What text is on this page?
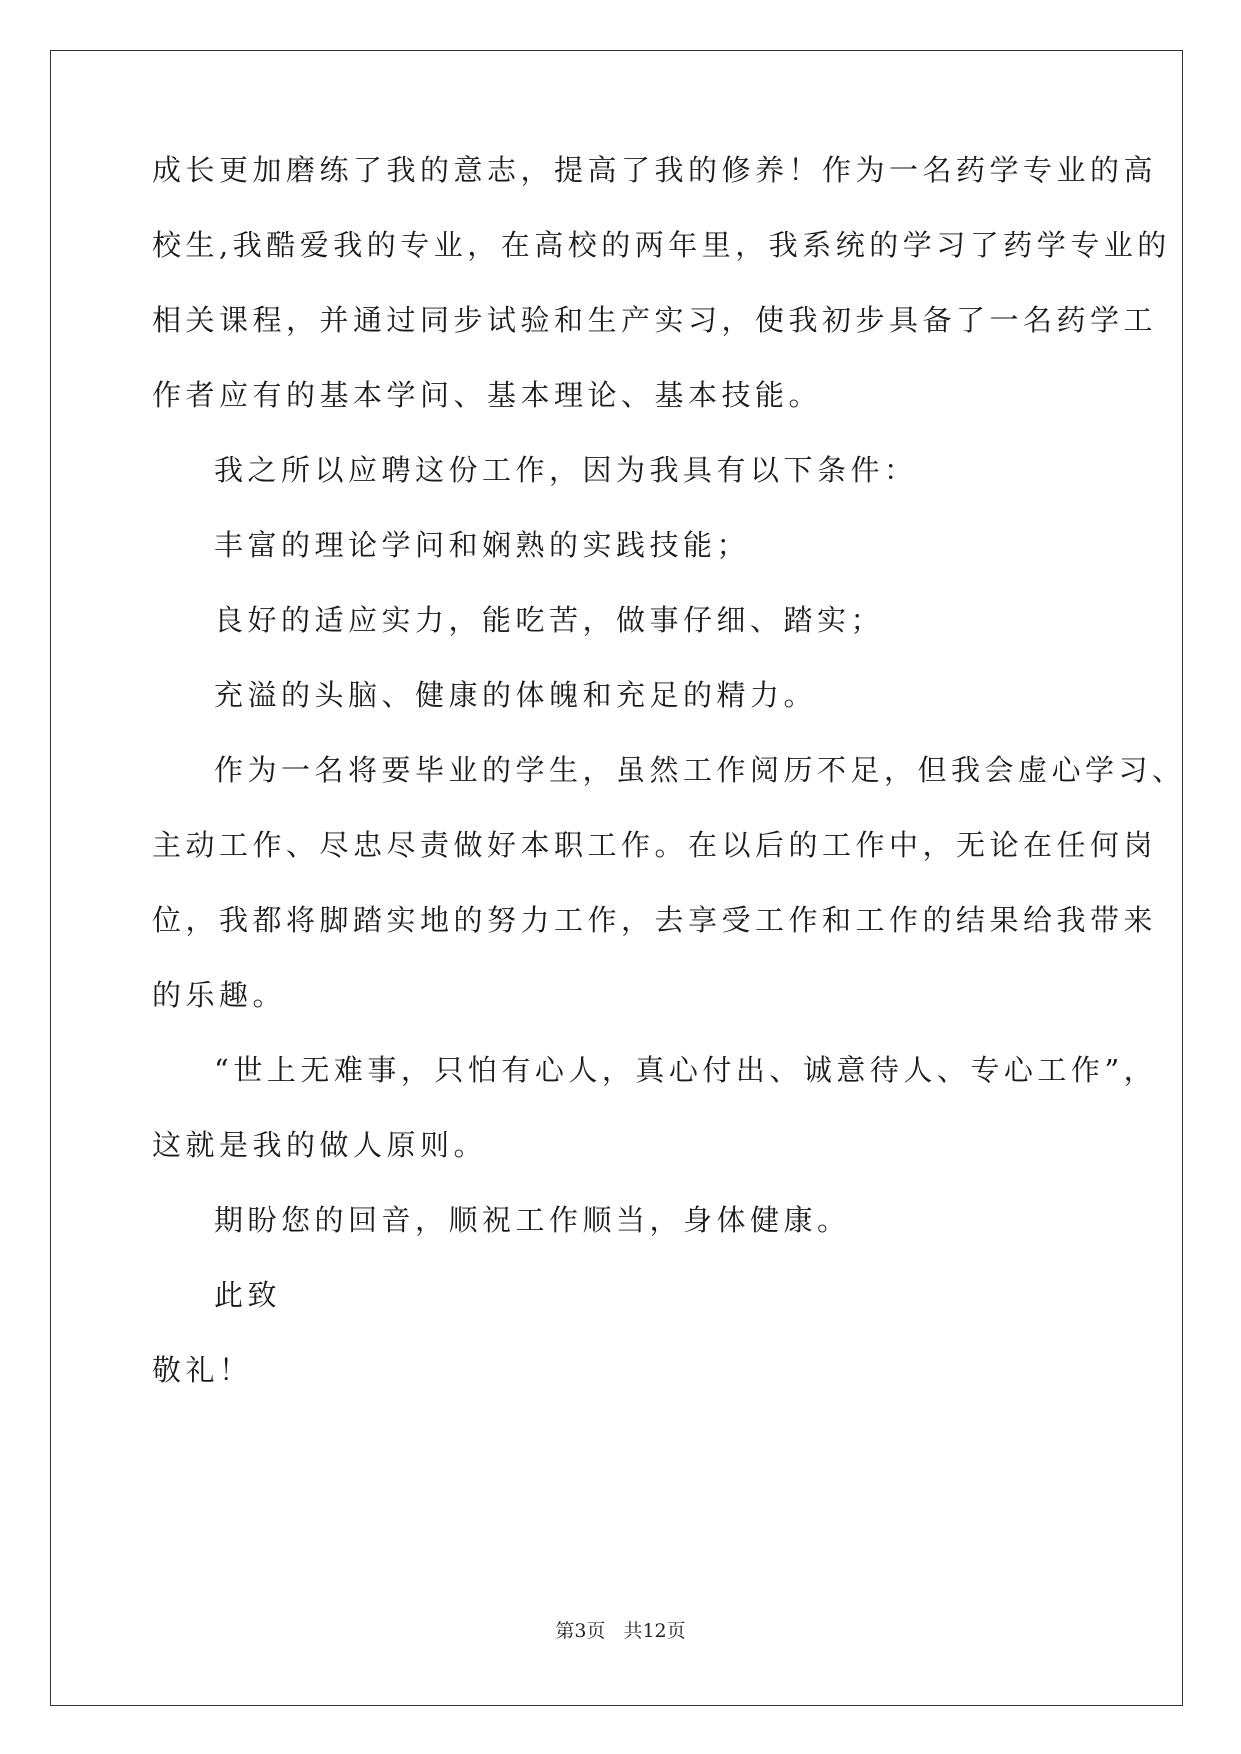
成长更加磨练了我的意志，提高了我的修养！作为一名药学专业的高
校生,我酷爱我的专业，在高校的两年里，我系统的学习了药学专业的
相关课程，并通过同步试验和生产实习，使我初步具备了一名药学工
作者应有的基本学问、基本理论、基本技能。
我之所以应聘这份工作，因为我具有以下条件：
丰富的理论学问和娴熟的实践技能；
良好的适应实力，能吃苦，做事仔细、踏实；
充溢的头脑、健康的体魄和充足的精力。
作为一名将要毕业的学生，虽然工作阅历不足，但我会虚心学习、
主动工作、尽忠尽责做好本职工作。在以后的工作中，无论在任何岗
位，我都将脚踏实地的努力工作，去享受工作和工作的结果给我带来
的乐趣。
“世上无难事，只怕有心人，真心付出、诚意待人、专心工作”，
这就是我的做人原则。
期盼您的回音，顺祝工作顺当，身体健康。
此致
敬礼！
第3页 共12页
